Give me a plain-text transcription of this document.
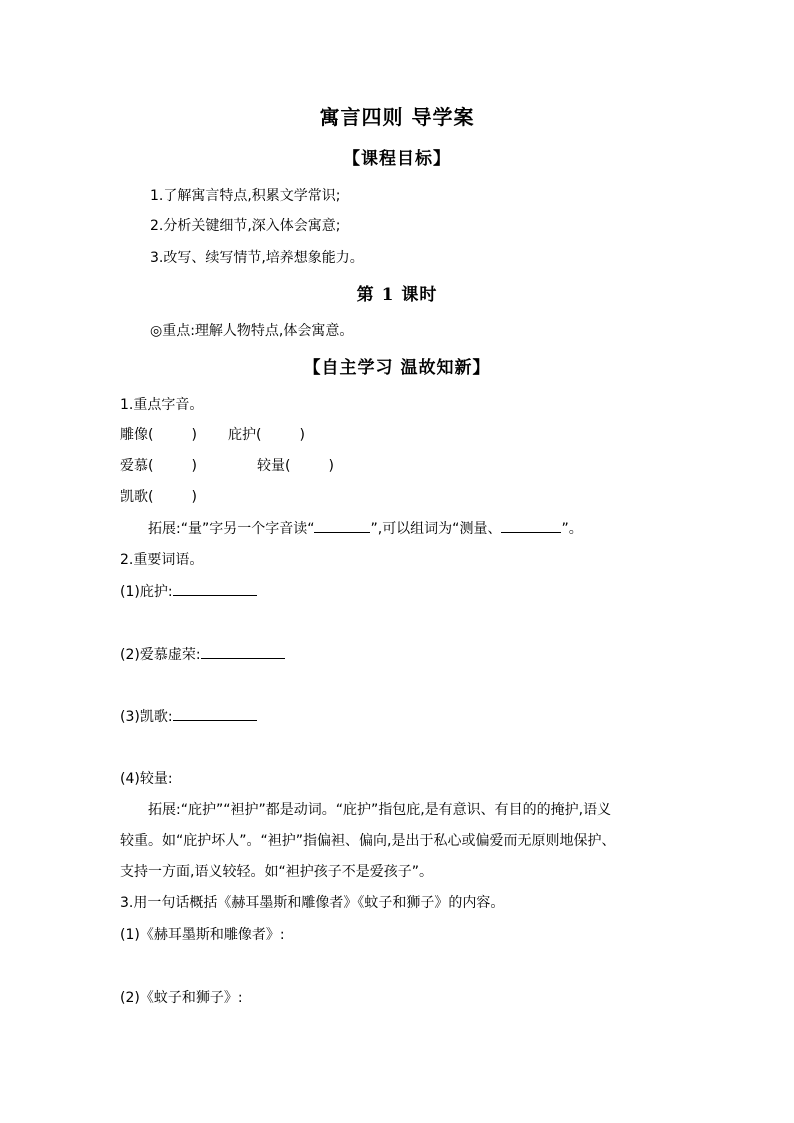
寓言四则 导学案
【课程目标】
1.了解寓言特点,积累文学常识;
2.分析关键细节,深入体会寓意;
3.改写、续写情节,培养想象能力。
第 1 课时
◎重点:理解人物特点,体会寓意。
【自主学习 温故知新】
1.重点字音。
雕像(	) 庇护(	)
爱慕(	)	较量(	)
凯歌(	)
拓展:“量”字另一个字音读“	”,可以组词为“测量、	”。
2.重要词语。
(1)庇护:
(2)爱慕虚荣:
(3)凯歌:
(4)较量:
拓展:“庇护”“袒护”都是动词。“庇护”指包庇,是有意识、有目的的掩护,语义
较重。如“庇护坏人”。“袒护”指偏袒、偏向,是出于私心或偏爱而无原则地保护、
支持一方面,语义较轻。如“袒护孩子不是爱孩子”。
3.用一句话概括《赫耳墨斯和雕像者》《蚊子和狮子》的内容。
(1)《赫耳墨斯和雕像者》:
(2)《蚊子和狮子》:
